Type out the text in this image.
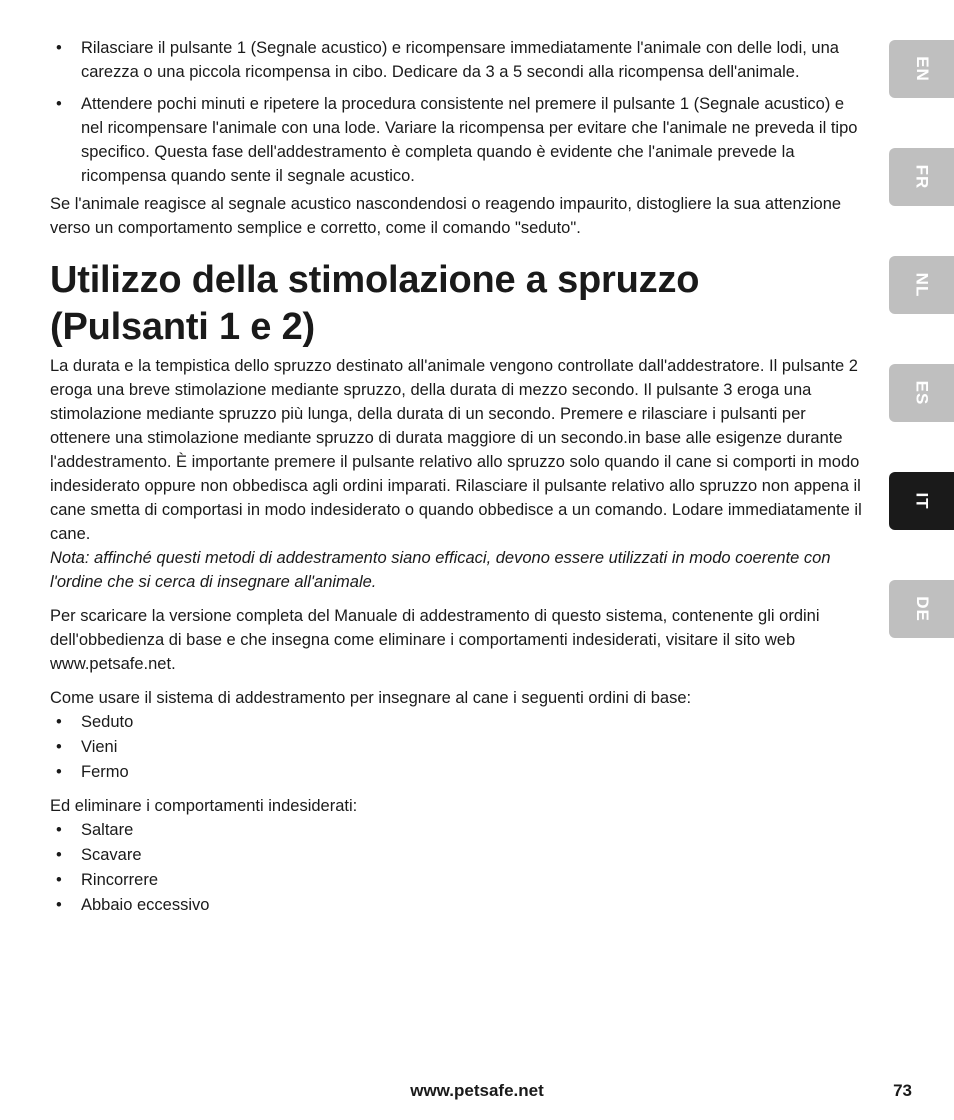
• Rilasciare il pulsante 1 (Segnale acustico) e ricompensare immediatamente l'animale con delle lodi, una carezza o una piccola ricompensa in cibo. Dedicare da 3 a 5 secondi alla ricompensa dell'animale.
• Attendere pochi minuti e ripetere la procedura consistente nel premere il pulsante 1 (Segnale acustico) e nel ricompensare l'animale con una lode. Variare la ricompensa per evitare che l'animale ne preveda il tipo specifico. Questa fase dell'addestramento è completa quando è evidente che l'animale prevede la ricompensa quando sente il segnale acustico.

Se l'animale reagisce al segnale acustico nascondendosi o reagendo impaurito, distogliere la sua attenzione verso un comportamento semplice e corretto, come il comando "seduto".

Utilizzo della stimolazione a spruzzo (Pulsanti 1 e 2)

La durata e la tempistica dello spruzzo destinato all'animale vengono controllate dall'addestratore. Il pulsante 2 eroga una breve stimolazione mediante spruzzo, della durata di mezzo secondo. Il pulsante 3 eroga una stimolazione mediante spruzzo più lunga, della durata di un secondo. Premere e rilasciare i pulsanti per ottenere una stimolazione mediante spruzzo di durata maggiore di un secondo.in base alle esigenze durante l'addestramento. È importante premere il pulsante relativo allo spruzzo solo quando il cane si comporti in modo indesiderato oppure non obbedisca agli ordini imparati. Rilasciare il pulsante relativo allo spruzzo non appena il cane smetta di comportasi in modo indesiderato o quando obbedisce a un comando. Lodare immediatamente il cane.
Nota: affinché questi metodi di addestramento siano efficaci, devono essere utilizzati in modo coerente con l'ordine che si cerca di insegnare all'animale.

Per scaricare la versione completa del Manuale di addestramento di questo sistema, contenente gli ordini dell'obbedienza di base e che insegna come eliminare i comportamenti indesiderati, visitare il sito web www.petsafe.net.

Come usare il sistema di addestramento per insegnare al cane i seguenti ordini di base:

• Seduto
• Vieni
• Fermo

Ed eliminare i comportamenti indesiderati:

• Saltare
• Scavare
• Rincorrere
• Abbaio eccessivo
EN
FR
NL
ES
IT
DE
www.petsafe.net	73
